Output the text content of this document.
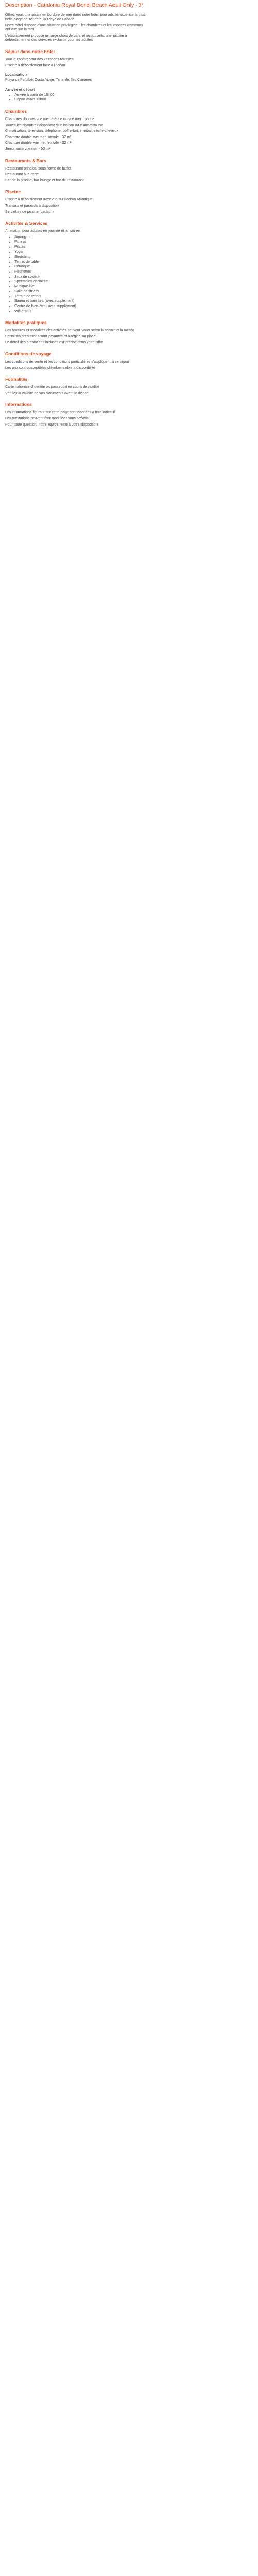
Description - Catalonia Royal Bondi Beach Adult Only - 3*

Offrez vous une pause en bordure de mer dans notre hôtel pour adulte, situé sur la plus belle plage de Tenerife, la Playa de Fañabé

Notre hôtel dispose d'une situation privilégiée : les chambres et les espaces communs ont vue sur la mer

L'établissement propose un large choix de bars et restaurants, une piscine à débordement et des services exclusifs pour les adultes

Séjour dans notre hôtel

Tout le confort pour des vacances réussies

Piscine à débordement face à l'océan

Localisation

Playa de Fañabé, Costa Adeje, Tenerife, Iles Canaries

Arrivée et départ
• Arrivée à partir de 15h00
• Départ avant 12h00
Chambres

Chambres doubles vue mer latérale ou vue mer frontale

Toutes les chambres disposent d'un balcon ou d'une terrasse

Climatisation, télévision, téléphone, coffre-fort, minibar, sèche-cheveux

Chambre double vue mer latérale - 32 m²

Chambre double vue mer frontale - 32 m²

Junior suite vue mer - 50 m²

Restaurants & Bars

Restaurant principal sous forme de buffet

Restaurant à la carte

Bar de la piscine, bar lounge et bar du restaurant

Piscine

Piscine à débordement avec vue sur l'océan Atlantique

Transats et parasols à disposition

Serviettes de piscine (caution)

Activités & Services

Animation pour adultes en journée et en soirée

• Aquagym
• Fitness
• Pilates
• Yoga
• Stretching
• Tennis de table
• Pétanque
• Fléchettes
• Jeux de société
• Spectacles en soirée
• Musique live
• Salle de fitness
• Terrain de tennis
• Sauna et bain turc (avec supplément)
• Centre de bien-être (avec supplément)
• Wifi gratuit
Modalités pratiques

Les horaires et modalités des activités peuvent varier selon la saison et la météo

Certaines prestations sont payantes et à régler sur place

Le détail des prestations incluses est précisé dans votre offre

Conditions de voyage

Les conditions de vente et les conditions particulières s'appliquent à ce séjour

Les prix sont susceptibles d'évoluer selon la disponibilité

Formalités

Carte nationale d'identité ou passeport en cours de validité

Vérifiez la validité de vos documents avant le départ

Informations

Les informations figurant sur cette page sont données à titre indicatif

Les prestations peuvent être modifiées sans préavis

Pour toute question, notre équipe reste à votre disposition
